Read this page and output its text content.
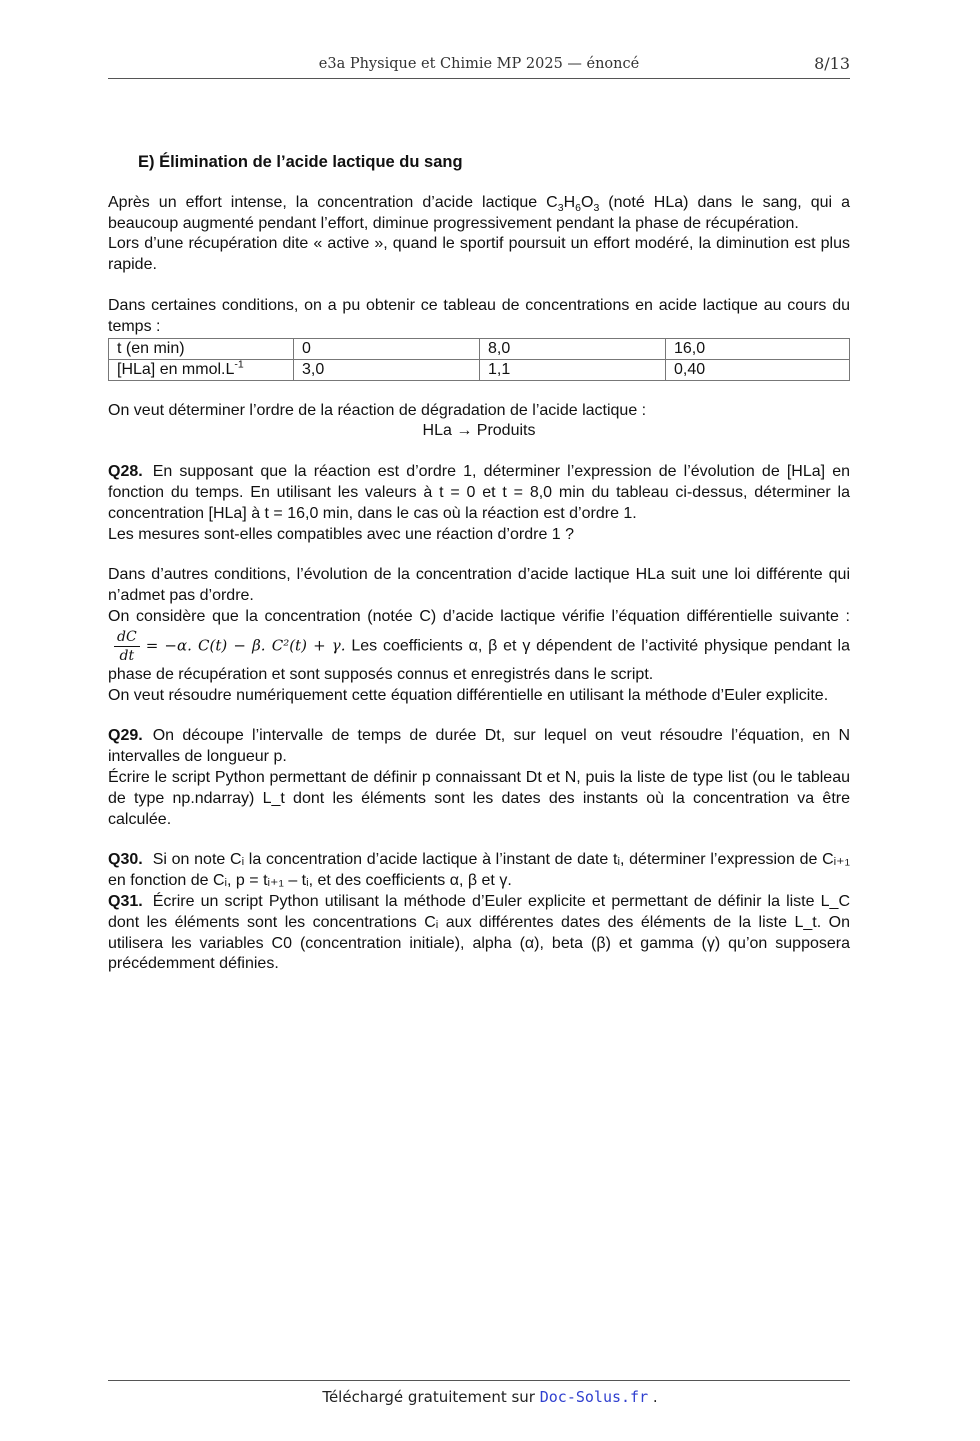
e3a Physique et Chimie MP 2025 — énoncé	8/13
E) Élimination de l’acide lactique du sang

Après un effort intense, la concentration d’acide lactique $C_3H_6O_3$ (noté HLa) dans le sang, qui a beaucoup augmenté pendant l’effort, diminue progressivement pendant la phase de récupération.

Lors d’une récupération dite « active », quand le sportif poursuit un effort modéré, la diminution est plus rapide.

Dans certaines conditions, on a pu obtenir ce tableau de concentrations en acide lactique au cours du temps :

t (en min)	0	8,0	16,0
[HLa] en $mmol.L^{-1}$	3,0	1,1	0,40

On veut déterminer l’ordre de la réaction de dégradation de l’acide lactique :

HLa → Produits

Q28. En supposant que la réaction est d’ordre 1, déterminer l’expression de l’évolution de [HLa] en fonction du temps. En utilisant les valeurs à t = 0 et t = 8,0 min du tableau ci-dessus, déterminer la concentration [HLa] à t = 16,0 min, dans le cas où la réaction est d’ordre 1.

Les mesures sont-elles compatibles avec une réaction d’ordre 1 ?

Dans d’autres conditions, l’évolution de la concentration d’acide lactique HLa suit une loi différente qui n’admet pas d’ordre.

On considère que la concentration (notée C) d’acide lactique vérifie l’équation différentielle suivante :
$\frac{dC}{dt} = -\alpha$. C(t) − β. C²(t) + γ. Les coefficients α, β et γ dépendent de l’activité physique pendant la phase de récupération et sont supposés connus et enregistrés dans le script.

On veut résoudre numériquement cette équation différentielle en utilisant la méthode d’Euler explicite.

Q29. On découpe l’intervalle de temps de durée Dt, sur lequel on veut résoudre l’équation, en N intervalles de longueur p.

Écrire le script Python permettant de définir p connaissant Dt et N, puis la liste de type list (ou le tableau de type np.ndarray) L_t dont les éléments sont les dates des instants où la concentration va être calculée.

Q30. Si on note Cᵢ la concentration d’acide lactique à l’instant de date tᵢ, déterminer l’expression de Cᵢ₊₁ en fonction de Cᵢ, p = tᵢ₊₁ – tᵢ, et des coefficients α, β et γ.

Q31. Écrire un script Python utilisant la méthode d’Euler explicite et permettant de définir la liste L_C dont les éléments sont les concentrations Cᵢ aux différentes dates des éléments de la liste L_t. On utilisera les variables C0 (concentration initiale), alpha (α), beta (β) et gamma (γ) qu’on supposera précédemment définies.

Téléchargé gratuitement sur Doc-Solus.fr .
